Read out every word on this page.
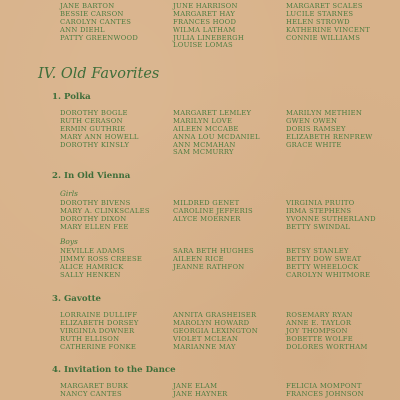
JANE BARTON
BESSIE CARSON
CAROLYN CANTES
ANN DIEHL
PATTY GREENWOOD
JUNE HARRISON
MARGARET HAY
FRANCES HOOD
WILMA LATHAM
JULIA LINEBERGH
LOUISE LOMAS
MARGARET SCALES
LUCILE STARNES
HELEN STROWD
KATHERINE VINCENT
CONNIE WILLIAMS
IV. Old Favorites
1. Polka
DOROTHY BOGLE
RUTH CERASON
ERMIN GUTHRIE
MARY ANN HOWELL
DOROTHY KINSLY
MARGARET LEMLEY
MARILYN LOVE
AILEEN MCCABE
ANNA LOU MCDANIEL
ANN MCMAHAN
SAM MCMURRY
MARILYN METHIEN
GWEN OWEN
DORIS RAMSEY
ELIZABETH RENFREW
GRACE WHITE
2. In Old Vienna
Girls
DOROTHY BIVENS
MARY A. CLINKSCALES
DOROTHY DIXON
MARY ELLEN FEE
MILDRED GENET
CAROLINE JEFFERIS
ALYCE MOERNER
VIRGINIA PRUITO
IRMA STEPHENS
YVONNE SUTHERLAND
BETTY SWINDAL
Boys
NEVILLE ADAMS
JIMMY ROSS CREESE
ALICE HAMRICK
SALLY HENKEN
SARA BETH HUGHES
AILEEN RICE
JEANNE RATHFON
BETSY STANLEY
BETTY DOW SWEAT
BETTY WHEELOCK
CAROLYN WHITMORE
3. Gavotte
LORRAINE DULLIFF
ELIZABETH DORSEY
VIRGINIA DOWNER
RUTH ELLISON
CATHERINE FONKE
ANNITA GRASHEISER
MAROLYN HOWARD
GEORGIA LEXINGTON
VIOLET MCLEAN
MARIANNE MAY
ROSEMARY RYAN
ANNE E. TAYLOR
JOY THOMPSON
BOBETTE WOLFE
DOLORES WORTHAM
4. Invitation to the Dance
MARGARET BURK
NANCY CANTES
JANE ELAM
JANE HAYNER
FELICIA MOMPONT
FRANCES JOHNSON
